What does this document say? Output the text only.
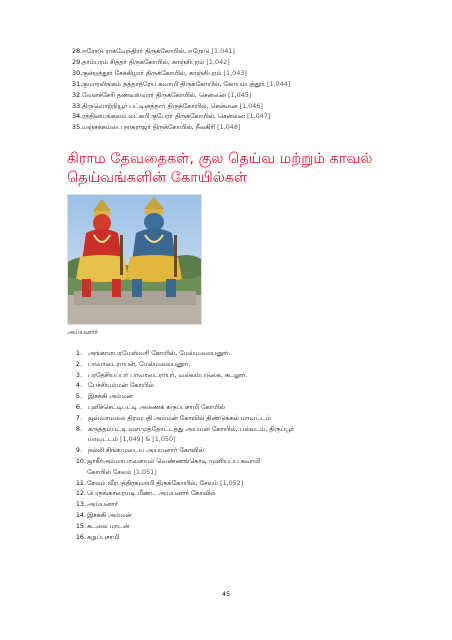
28.ஈரோடு ராகவேந்திரர் திருக்கோயில், ஈரோடு [1,041]
29.தாம்பரம் சித்தர் திருக்கோயில், காஞ்சிபுரம் [1,042]
30.குன்றத்தூர் சேக்கிழார் திருக்கோயில், காஞ்சிபுரம் [1,043]
31.குமாரலிங்கம் தத்தாத்ரேய சுவாமி திருக்கோயில், கோயம்புத்தூர் [1,044]
32.வேளச்சேரி தண்டீஸ்வரர் திருக்கோயில், சென்னை [1,045]
33.திருவொற்றியூர் பட்டினத்தார் திருக்கோயில், சென்னை [1,046]
34.ரத்தினமங்கலம் லட்சுமி குபேரர் திருக்கோயில், சென்னை [1,047]
35.மஞ்சக்கம்பை நாகராஜர் திருக்கோயில், நீலகிரி [1,048]
கிராம தேவதைகள், குல தெய்வ மற்றும் காவல் தெய்வங்களின் கோயில்கள்
அய்யனார்
1. அங்காளபரமேஸ்வரி கோயில், மேல்மலையனூர்.
2. பாவாடைராயன், மேல்மலையனூர்.
3. பரதேசியப்பர் பாவாடைராயர், வல்லம்படுகை, கடலூர்.
4. பேச்சியம்மன் கோயில்
5. இசக்கி அம்மன்
6. புளிச்செட்டிபட்டி அணைக் கருப்பசாமி கோயில்
7. ஜவ்வாமலை திரவுபதி அம்மன் கோவில் திண்டுக்கல் மாவட்டம்
8. கருத்தம்பட்டி வளமுத்தோட்டத்து அய்யன் கோயில், பல்லடம், திருப்பூர்
மாவட்டம் [1,049] & [1,050]
9. நல்லி சிங்கமுடைய அய்யனார் கோவில்
10. ஜாகீர்அம்மாபாளையம் வெண்ணங்கொடி முனியப்ப சுவாமி
கோயில் சேலம் [1,051]
11. சேலம் வீரபத்திரசுவாமி திருக்கோயில், சேலம் [1,052]
12. பெருங்காரையடி மீண்ட அய்யனார் கோவில்
13. அய்யனார்
14. இசக்கி அம்மன்
15. சுடலை மாடன்
16. கறுப்புசாமி
45
